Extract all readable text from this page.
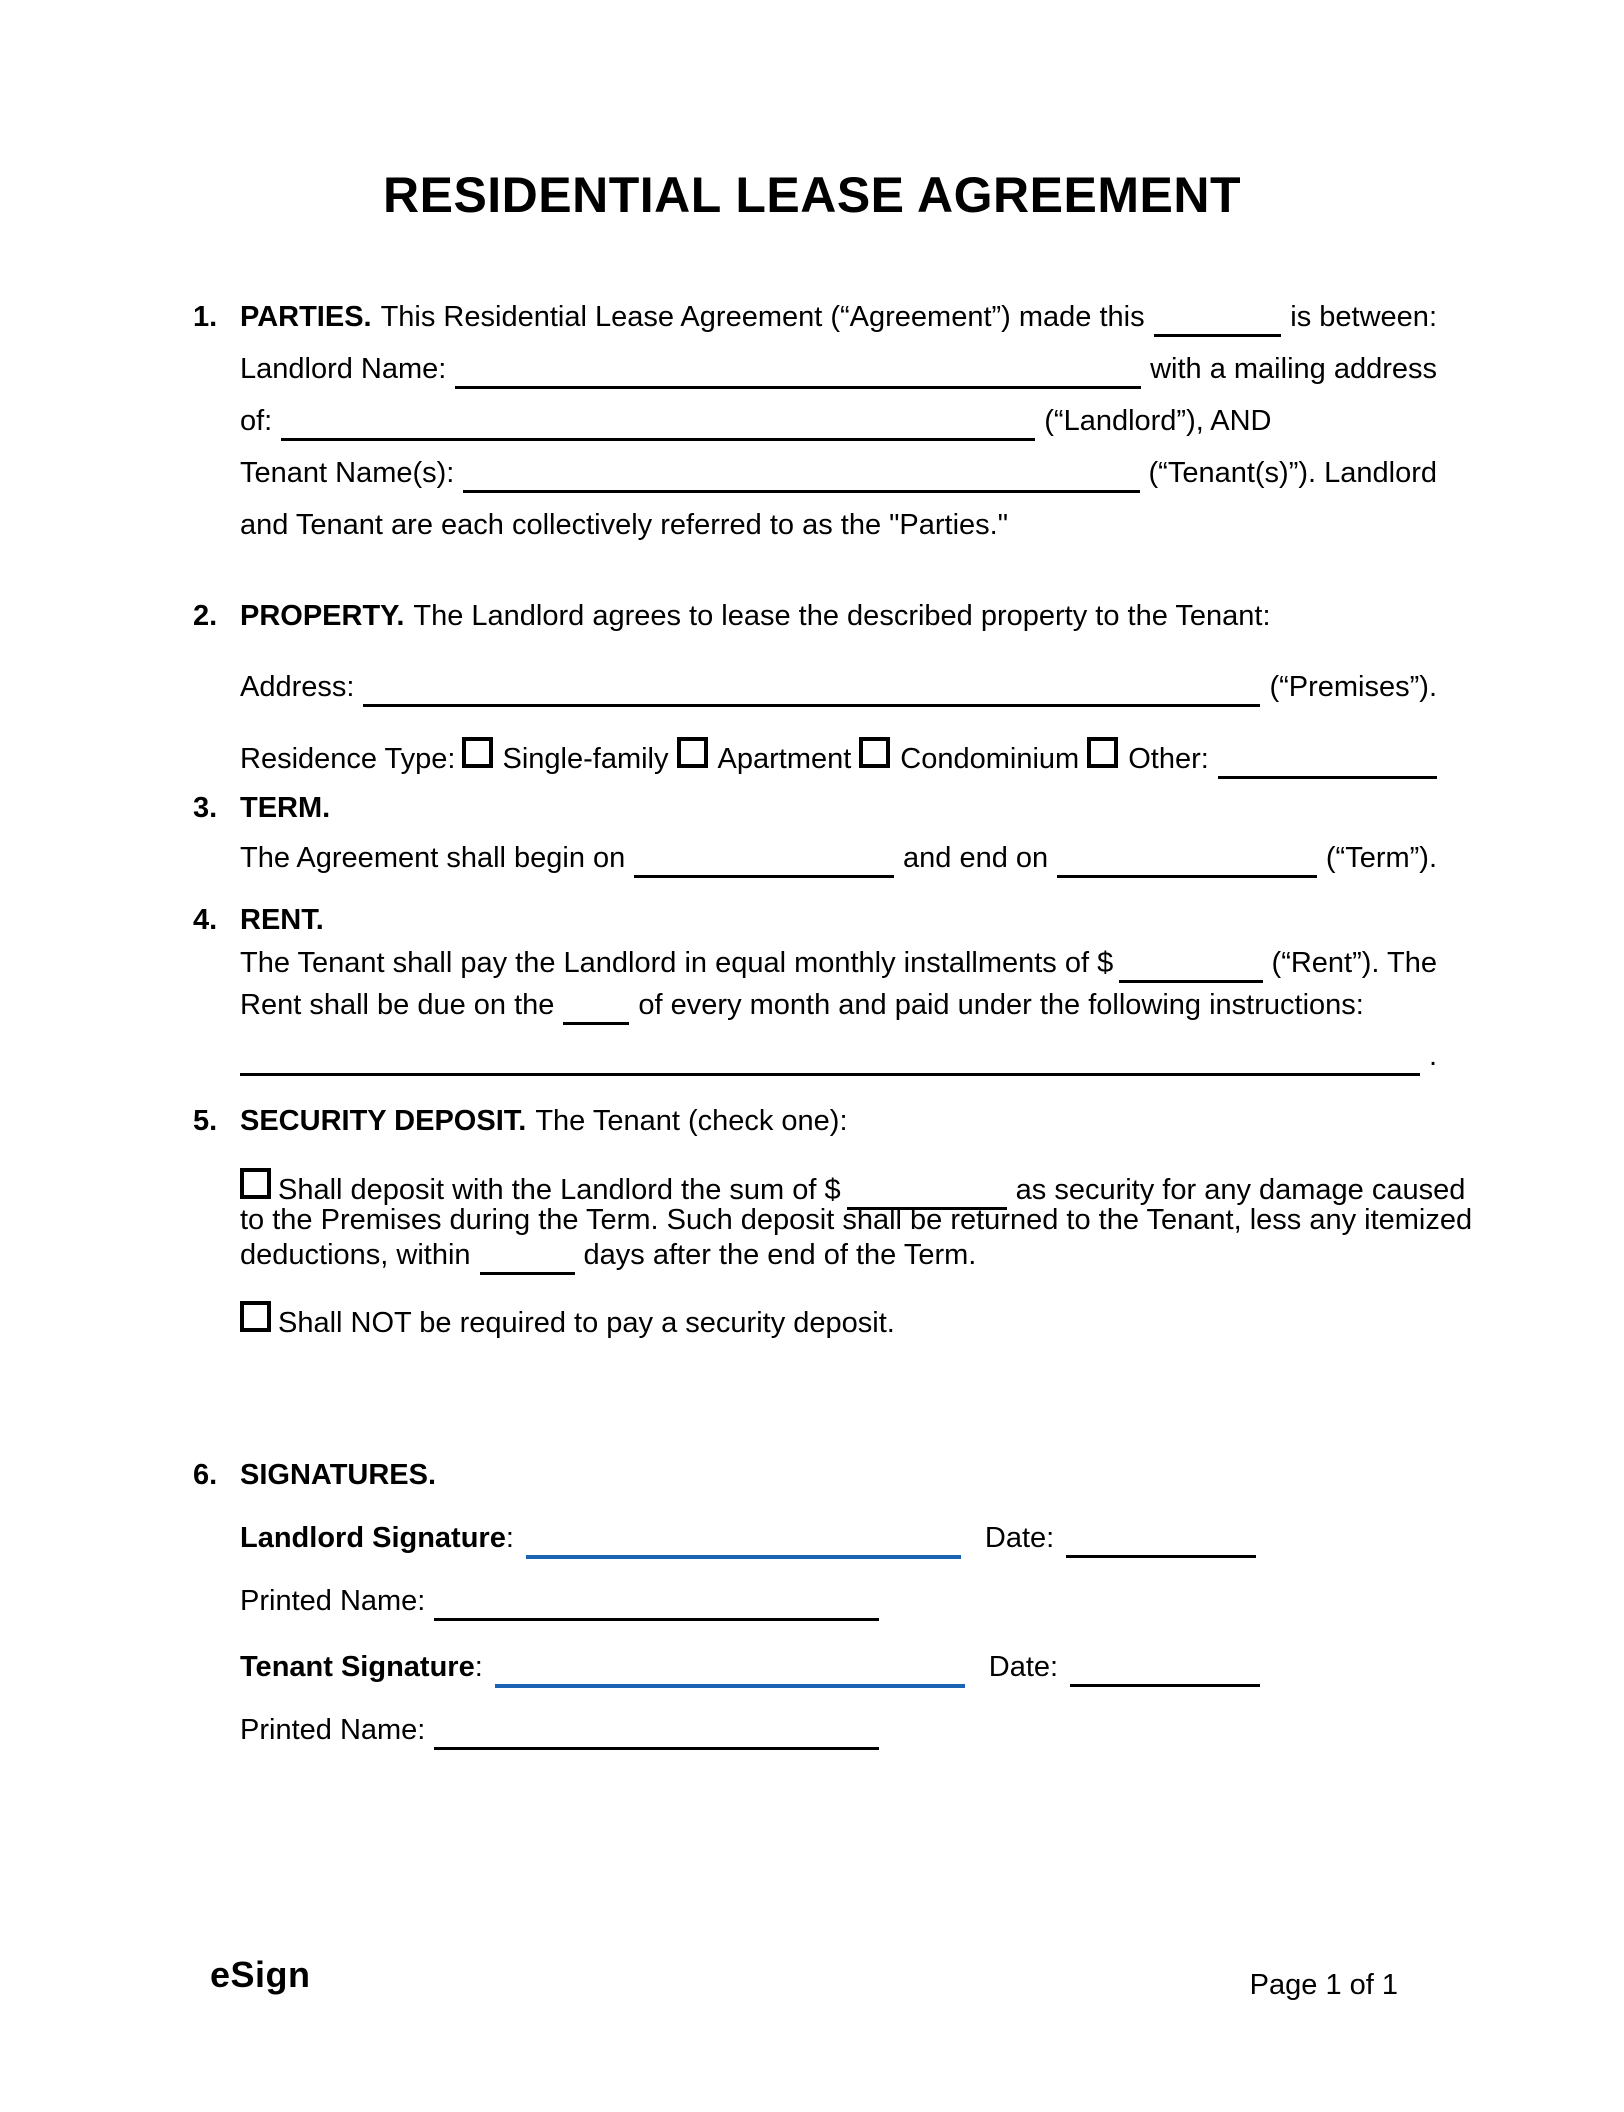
RESIDENTIAL LEASE AGREEMENT
1. PARTIES. This Residential Lease Agreement (“Agreement”) made this	is between:
Landlord Name:	with a mailing address
of:	(“Landlord”), AND
Tenant Name(s):	(“Tenant(s)”). Landlord
and Tenant are each collectively referred to as the "Parties."
2. PROPERTY. The Landlord agrees to lease the described property to the Tenant:
Address:	(“Premises”).
Residence Type: Single-family Apartment Condominium Other:
3. TERM.
The Agreement shall begin on	and end on	(“Term”).
4. RENT.
The Tenant shall pay the Landlord in equal monthly installments of $	(“Rent”). The
Rent shall be due on the	of every month and paid under the following instructions:
.
5. SECURITY DEPOSIT. The Tenant (check one):
Shall deposit with the Landlord the sum of $	as security for any damage caused
to the Premises during the Term. Such deposit shall be returned to the Tenant, less any itemized
deductions, within	days after the end of the Term.
Shall NOT be required to pay a security deposit.
6. SIGNATURES.
Landlord Signature :	Date:
Printed Name:
Tenant Signature :	Date:
Printed Name:
eSign	Page 1 of 1
